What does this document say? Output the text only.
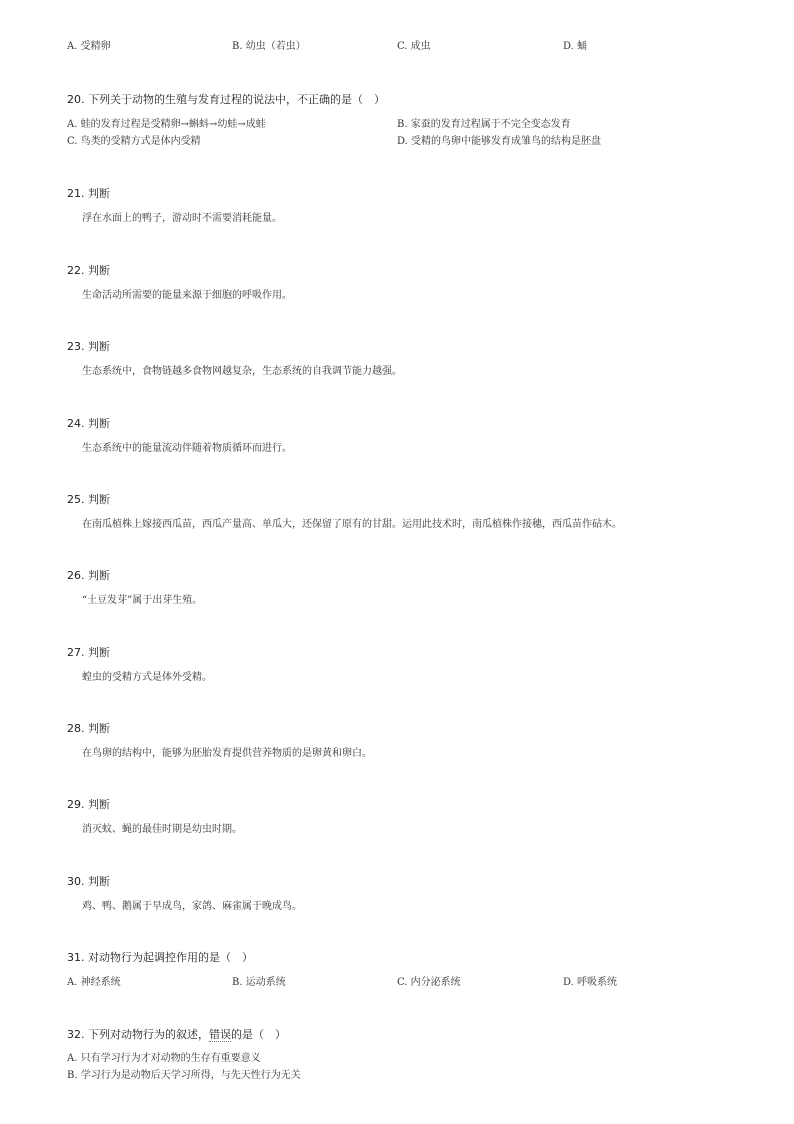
A. 受精卵	B. 幼虫（若虫）	C. 成虫	D. 蛹
20. 下列关于动物的生殖与发育过程的说法中，不正确的是（　）
A. 蛙的发育过程是受精卵→蝌蚪→幼蛙→成蛙	B. 家蚕的发育过程属于不完全变态发育
C. 鸟类的受精方式是体内受精	D. 受精的鸟卵中能够发育成雏鸟的结构是胚盘
21. 判断
浮在水面上的鸭子，游动时不需要消耗能量。
22. 判断
生命活动所需要的能量来源于细胞的呼吸作用。
23. 判断
生态系统中，食物链越多食物网越复杂，生态系统的自我调节能力越强。
24. 判断
生态系统中的能量流动伴随着物质循环而进行。
25. 判断
在南瓜植株上嫁接西瓜苗，西瓜产量高、单瓜大，还保留了原有的甘甜。运用此技术时，南瓜植株作接穗，西瓜苗作砧木。
26. 判断
“土豆发芽”属于出芽生殖。
27. 判断
蝗虫的受精方式是体外受精。
28. 判断
在鸟卵的结构中，能够为胚胎发育提供营养物质的是卵黄和卵白。
29. 判断
消灭蚊、蝇的最佳时期是幼虫时期。
30. 判断
鸡、鸭、鹅属于早成鸟，家鸽、麻雀属于晚成鸟。
31. 对动物行为起调控作用的是（　）
A. 神经系统	B. 运动系统	C. 内分泌系统	D. 呼吸系统
32. 下列对动物行为的叙述，错误的是（　）
A. 只有学习行为才对动物的生存有重要意义
B. 学习行为是动物后天学习所得，与先天性行为无关
